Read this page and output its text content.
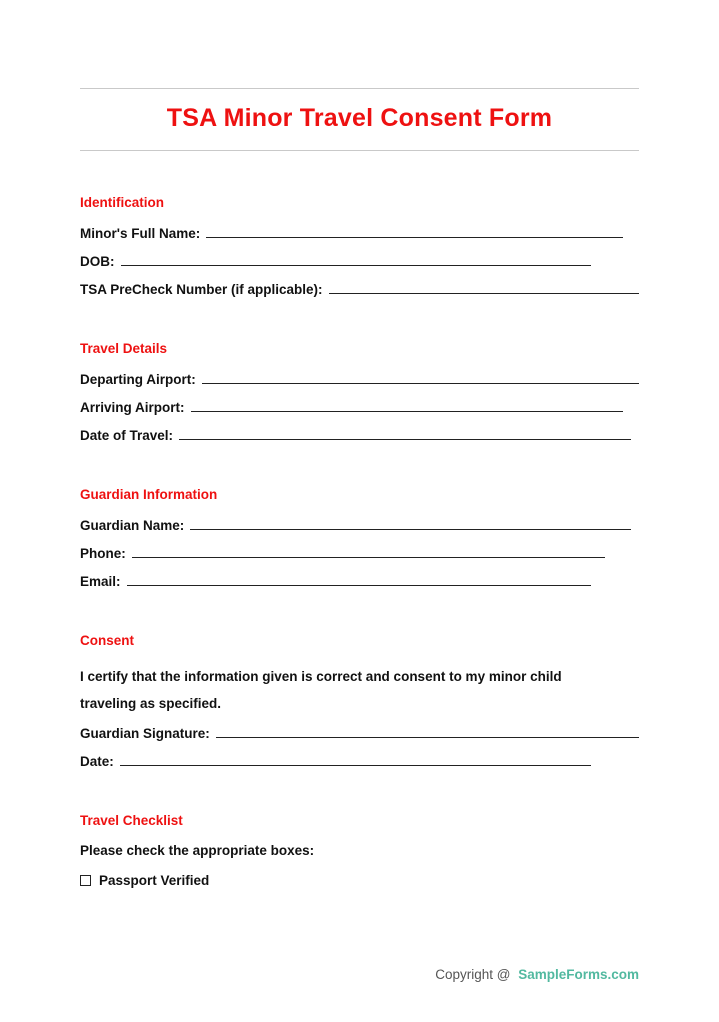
TSA Minor Travel Consent Form
Identification
Minor's Full Name:
DOB:
TSA PreCheck Number (if applicable):
Travel Details
Departing Airport:
Arriving Airport:
Date of Travel:
Guardian Information
Guardian Name:
Phone:
Email:
Consent

I certify that the information given is correct and consent to my minor child traveling as specified.

Guardian Signature:
Date:
Travel Checklist

Please check the appropriate boxes:

Passport Verified
Copyright @ SampleForms.com
